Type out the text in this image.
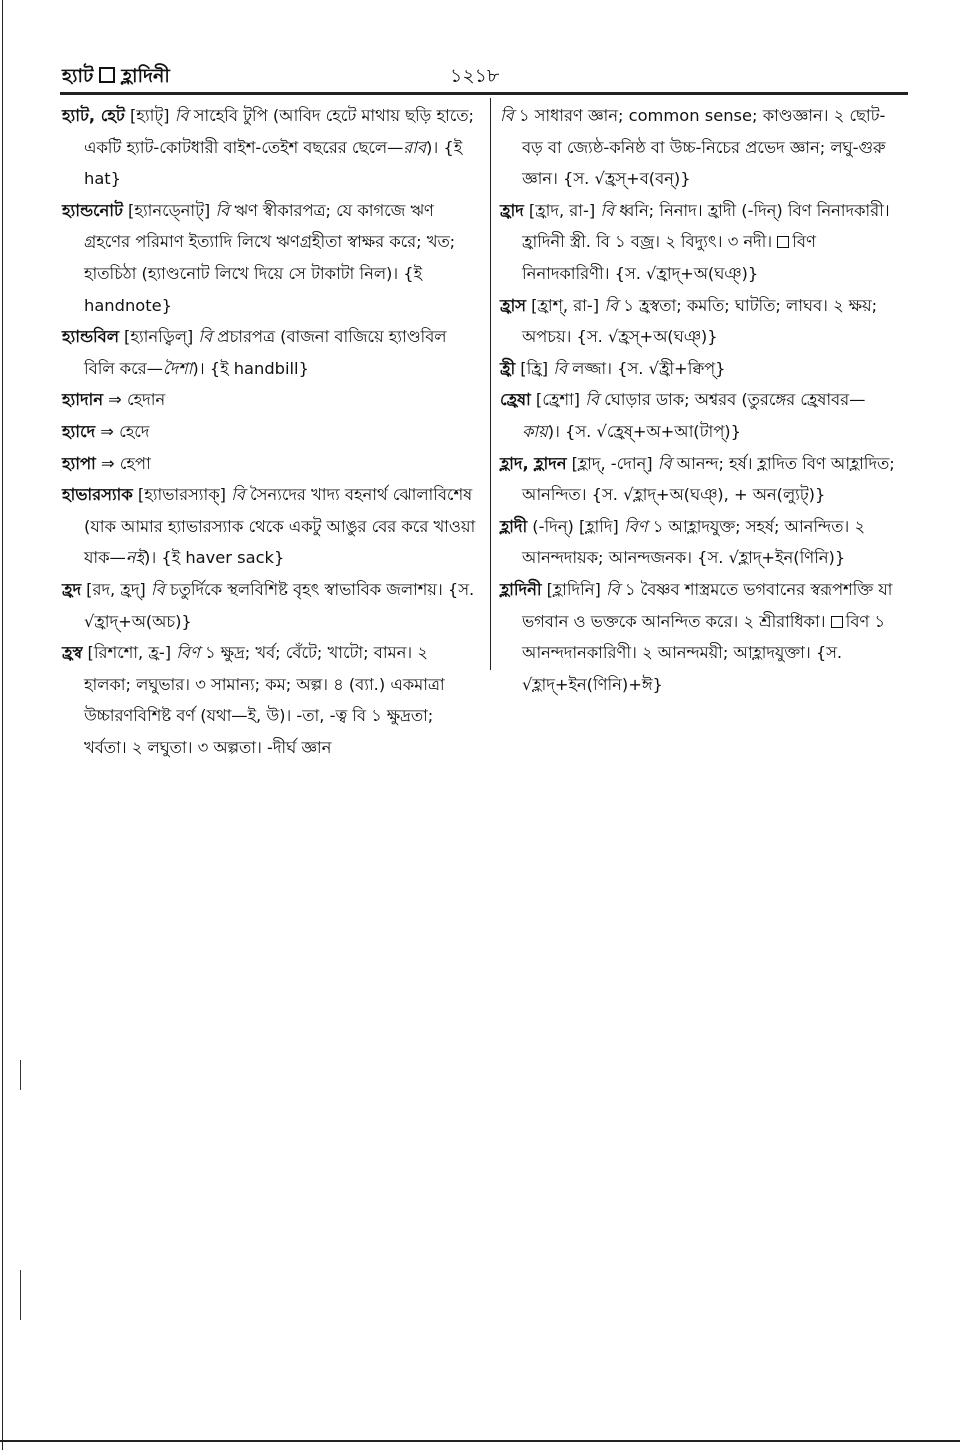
হ্যাট হ্লাদিনী	১২১৮

হ্যাট, হেট [হ্যাট্] বি সাহেবি টুপি (আবিদ হেটে মাথায় ছড়ি হাতে; একটি হ্যাট-কোটধারী বাইশ-তেইশ বছরের ছেলে—রাব)। {ই hat}

হ্যান্ডনোট [হ্যানড্নোট্] বি ঋণ স্বীকারপত্র; যে কাগজে ঋণ গ্রহণের পরিমাণ ইত্যাদি লিখে ঋণগ্রহীতা স্বাক্ষর করে; খত; হাতচিঠা (হ্যাণ্ডনোট লিখে দিয়ে সে টাকাটা নিল)। {ই handnote}

হ্যান্ডবিল [হ্যানড্বিল্] বি প্রচারপত্র (বাজনা বাজিয়ে হ্যাণ্ডবিল বিলি করে—দৈশা)। {ই handbill}

হ্যাদান ⇒ হেদান

হ্যাদে ⇒ হেদে

হ্যাপা ⇒ হেপা

হাভারস্যাক [হ্যাভারস্যাক্] বি সৈন্যদের খাদ্য বহনার্থ ঝোলাবিশেষ (যাক আমার হ্যাভারস্যাক থেকে একটু আঙুর বের করে খাওয়া যাক—নই)। {ই haver sack}

হ্রদ [রদ, হ্রদ্] বি চতুর্দিকে স্থলবিশিষ্ট বৃহৎ স্বাভাবিক জলাশয়। {স. √হ্রাদ্+অ(অচ)}

হ্রস্ব [রিশশো, হ্র-] বিণ ১ ক্ষুদ্র; খর্ব; বেঁটে; খাটো; বামন। ২ হালকা; লঘুভার। ৩ সামান্য; কম; অল্প। ৪ (ব্যা.) একমাত্রা উচ্চারণবিশিষ্ট বর্ণ (যথা—ই, উ)। -তা, -ত্ব বি ১ ক্ষুদ্রতা; খর্বতা। ২ লঘুতা। ৩ অল্পতা। -দীর্ঘ জ্ঞান

বি ১ সাধারণ জ্ঞান; common sense; কাণ্ডজ্ঞান। ২ ছোট-বড় বা জ্যেষ্ঠ-কনিষ্ঠ বা উচ্চ-নিচের প্রভেদ জ্ঞান; লঘু-গুরু জ্ঞান। {স. √হ্রস্+ব(বন্)}

হ্রাদ [হ্রাদ, রা-] বি ধ্বনি; নিনাদ। হ্রাদী (-দিন্) বিণ নিনাদকারী। হ্রাদিনী স্ত্রী. বি ১ বজ্র। ২ বিদ্যুৎ। ৩ নদী। বিণ নিনাদকারিণী। {স. √হ্রাদ্+অ(ঘঞ্)}

হ্রাস [হ্রাশ্, রা-] বি ১ হ্রস্বতা; কমতি; ঘাটতি; লাঘব। ২ ক্ষয়; অপচয়। {স. √হ্রস্+অ(ঘঞ্)}

হ্রী [হ্রি] বি লজ্জা। {স. √হ্রী+ক্বিপ্}

হ্রেষা [হ্রেশা] বি ঘোড়ার ডাক; অশ্বরব (তুরঙ্গের হ্রেষাবর—কায়)। {স. √হ্রেষ্+অ+আ(টাপ্)}

হ্লাদ, হ্লাদন [হ্লাদ্, -দোন্] বি আনন্দ; হর্ষ। হ্লাদিত বিণ আহ্লাদিত; আনন্দিত। {স. √হ্লাদ্+অ(ঘঞ্), + অন(ল্যুট্)}

হ্লাদী (-দিন্) [হ্লাদি] বিণ ১ আহ্লাদযুক্ত; সহর্ষ; আনন্দিত। ২ আনন্দদায়ক; আনন্দজনক। {স. √হ্লাদ্+ইন(ণিনি)}

হ্লাদিনী [হ্লাদিনি] বি ১ বৈষ্ণব শাস্ত্রমতে ভগবানের স্বরূপশক্তি যা ভগবান ও ভক্তকে আনন্দিত করে। ২ শ্রীরাধিকা। বিণ ১ আনন্দদানকারিণী। ২ আনন্দময়ী; আহ্লাদযুক্তা। {স. √হ্লাদ্+ইন(ণিনি)+ঈ}
